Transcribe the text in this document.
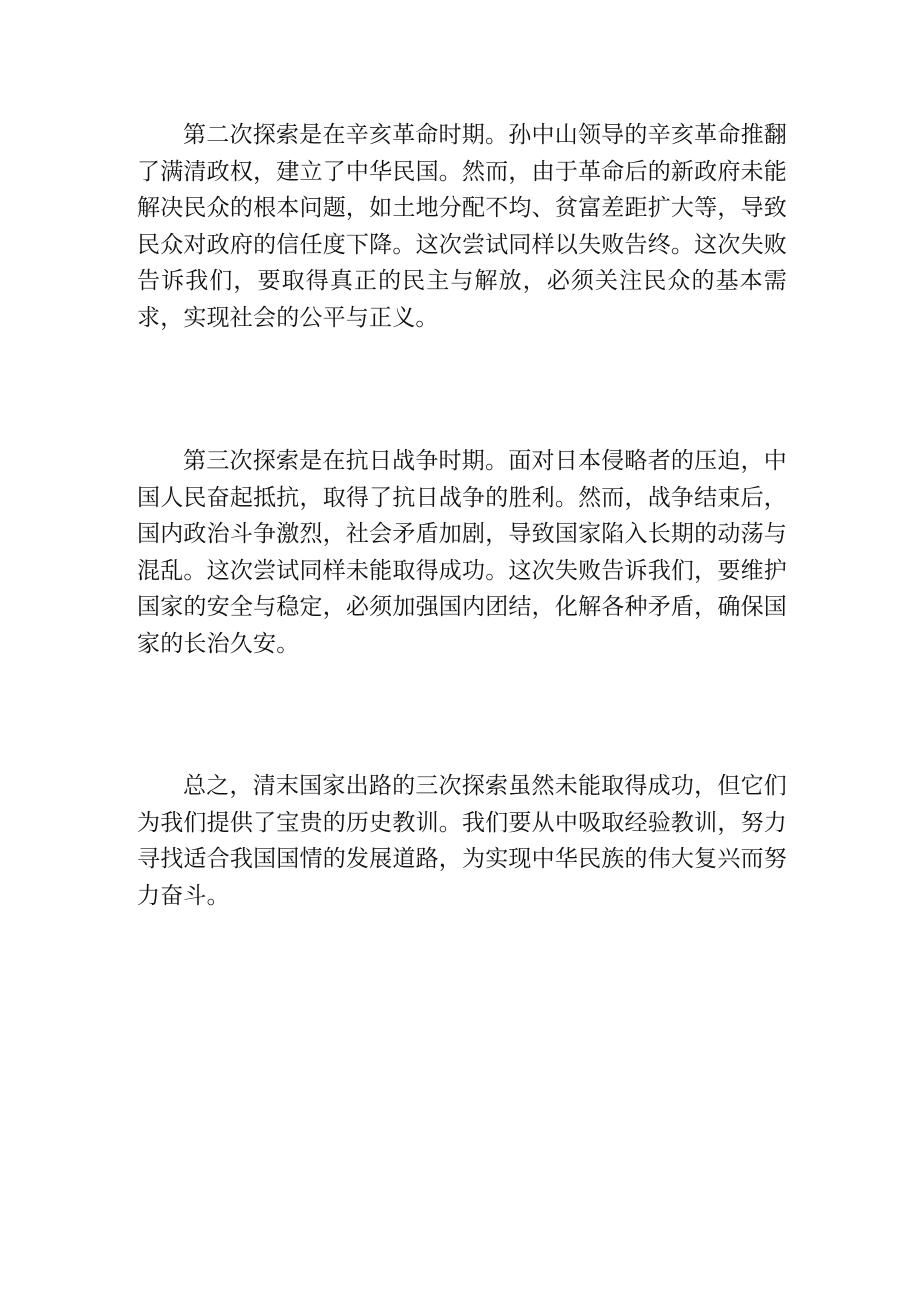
第二次探索是在辛亥革命时期。孙中山领导的辛亥革命推翻了满清政权，建立了中华民国。然而，由于革命后的新政府未能解决民众的根本问题，如土地分配不均、贫富差距扩大等，导致民众对政府的信任度下降。这次尝试同样以失败告终。这次失败告诉我们，要取得真正的民主与解放，必须关注民众的基本需求，实现社会的公平与正义。

第三次探索是在抗日战争时期。面对日本侵略者的压迫，中国人民奋起抵抗，取得了抗日战争的胜利。然而，战争结束后，国内政治斗争激烈，社会矛盾加剧，导致国家陷入长期的动荡与混乱。这次尝试同样未能取得成功。这次失败告诉我们，要维护国家的安全与稳定，必须加强国内团结，化解各种矛盾，确保国家的长治久安。

总之，清末国家出路的三次探索虽然未能取得成功，但它们为我们提供了宝贵的历史教训。我们要从中吸取经验教训，努力寻找适合我国国情的发展道路，为实现中华民族的伟大复兴而努力奋斗。
